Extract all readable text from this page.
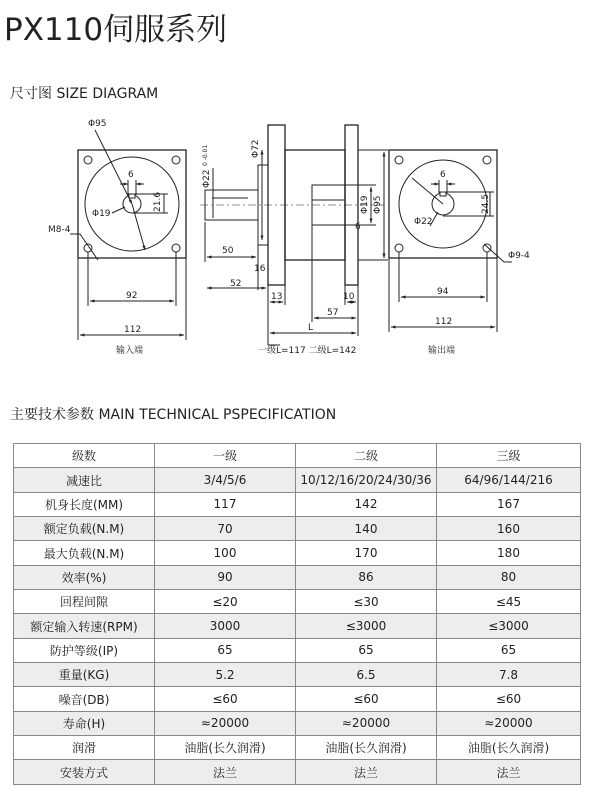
PX110伺服系列
尺寸图 SIZE DIAGRAM
Φ95
Φ19
6
21.6
M8-4
92
112
输入端
Φ72
Φ22
0 -0.01
Φ19 Φ95
6
50
16
52
13	10
57
L
一级L=117 二级L=142
6
24.5
Φ22
Φ9-4
94
112
输出端
主要技术参数 MAIN TECHNICAL PSPECIFICATION
级数	一级	二级	三级
减速比	3/4/5/6	10/12/16/20/24/30/36	64/96/144/216
机身长度(MM)	117	142	167
额定负载(N.M)	70	140	160
最大负载(N.M)	100	170	180
效率(%)	90	86	80
回程间隙	≤20	≤30	≤45
额定输入转速(RPM)	3000	≤3000	≤3000
防护等级(IP)	65	65	65
重量(KG)	5.2	6.5	7.8
噪音(DB)	≤60	≤60	≤60
寿命(H)	≈20000	≈20000	≈20000
润滑	油脂(长久润滑)	油脂(长久润滑)	油脂(长久润滑)
安装方式	法兰	法兰	法兰
